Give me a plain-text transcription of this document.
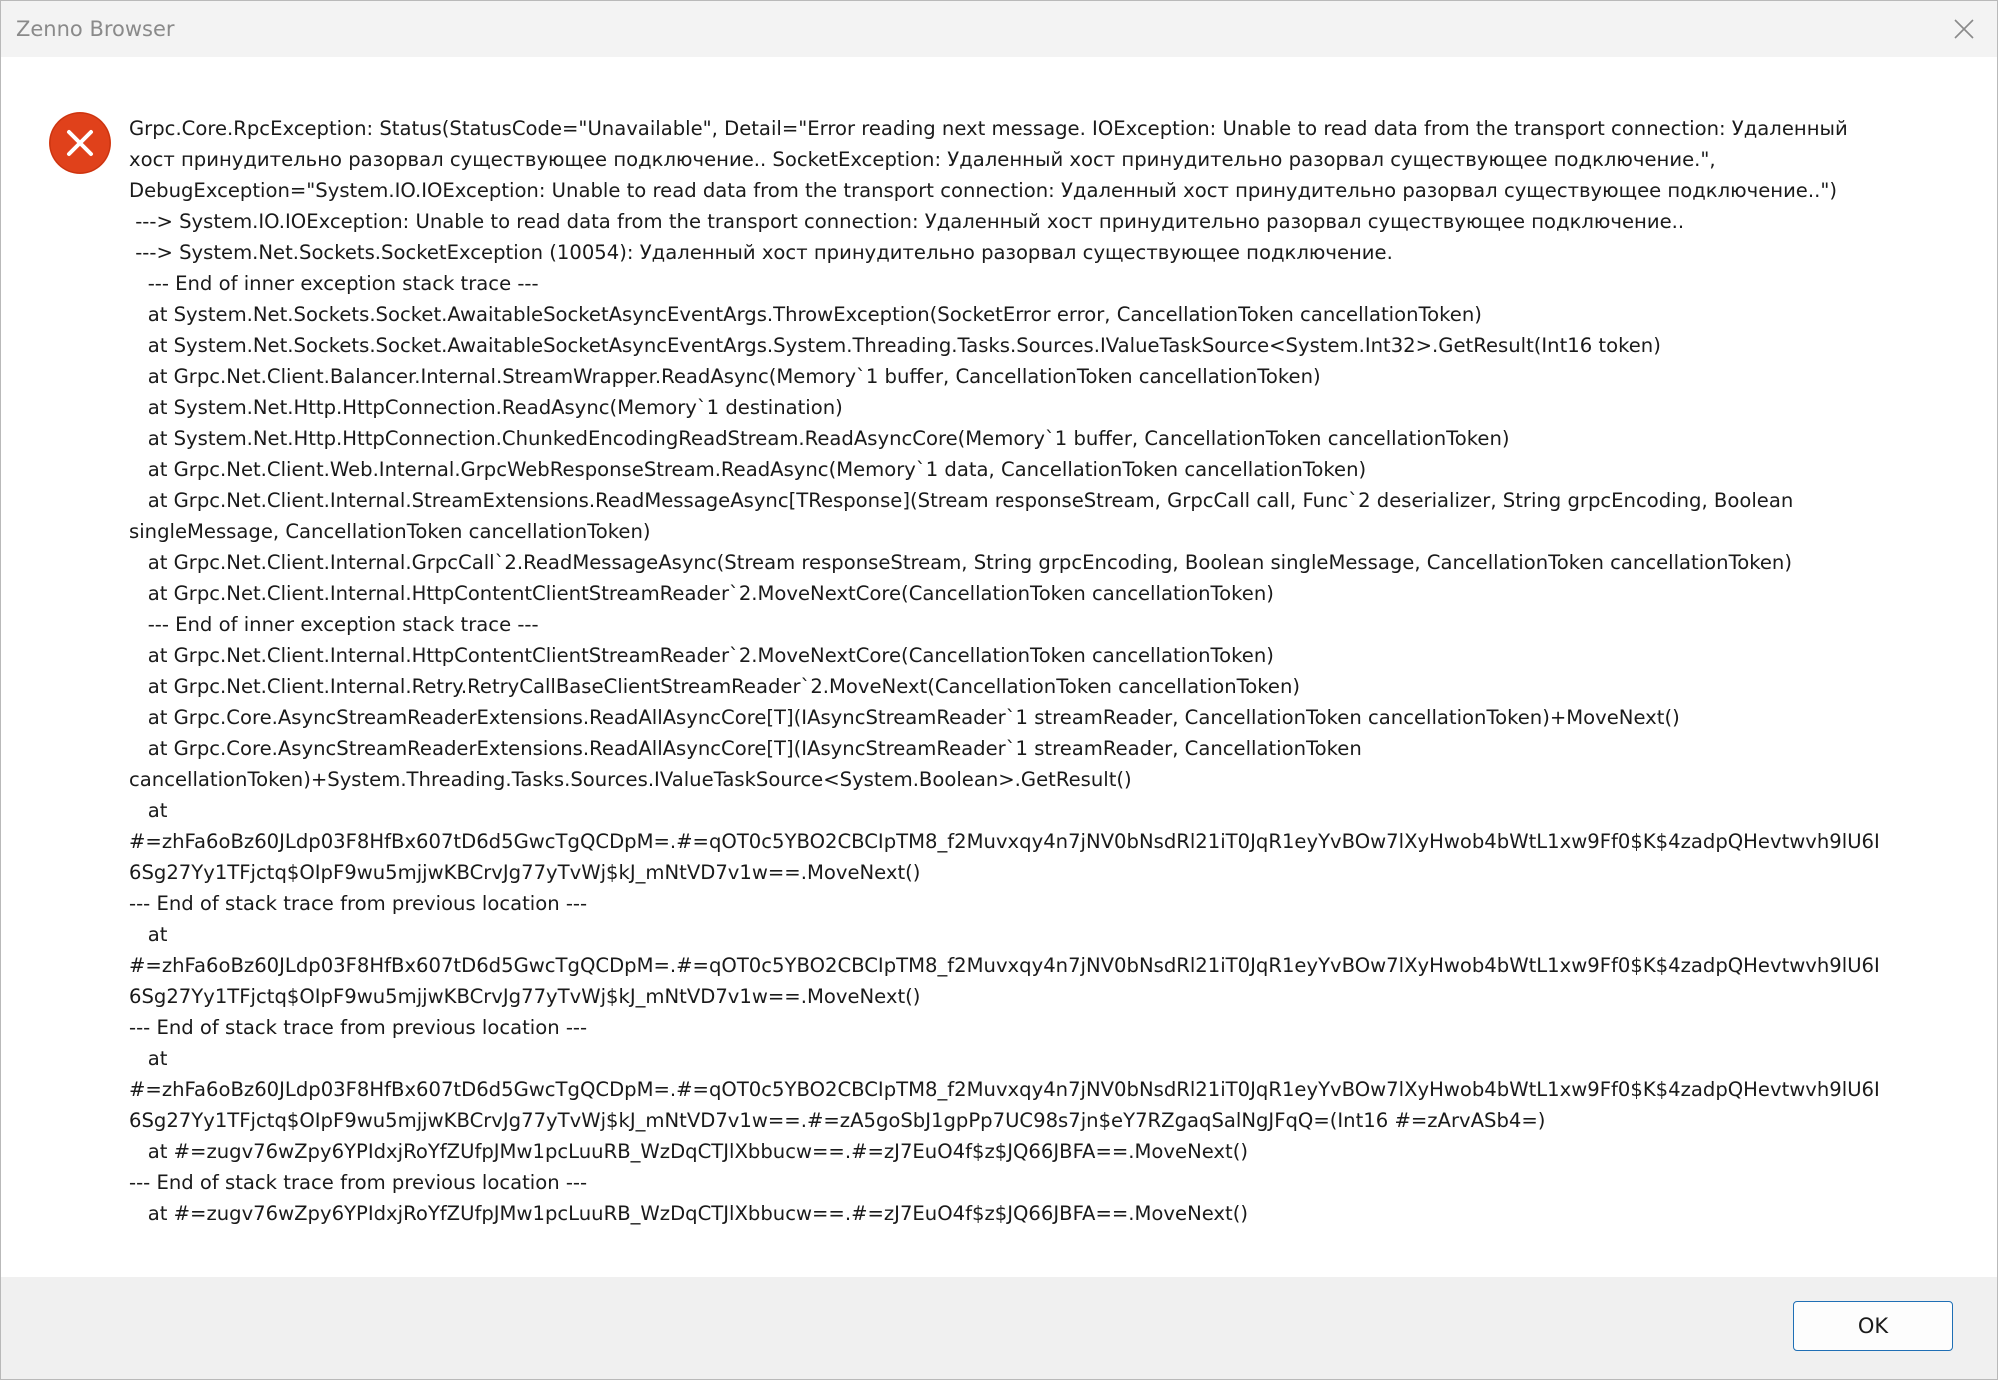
Zenno Browser
Grpc.Core.RpcException: Status(StatusCode="Unavailable", Detail="Error reading next message. IOException: Unable to read data from the transport connection: Удаленный
хост принудительно разорвал существующее подключение.. SocketException: Удаленный хост принудительно разорвал существующее подключение.",
DebugException="System.IO.IOException: Unable to read data from the transport connection: Удаленный хост принудительно разорвал существующее подключение..")
---> System.IO.IOException: Unable to read data from the transport connection: Удаленный хост принудительно разорвал существующее подключение..
---> System.Net.Sockets.SocketException (10054): Удаленный хост принудительно разорвал существующее подключение.
--- End of inner exception stack trace ---
at System.Net.Sockets.Socket.AwaitableSocketAsyncEventArgs.ThrowException(SocketError error, CancellationToken cancellationToken)
at System.Net.Sockets.Socket.AwaitableSocketAsyncEventArgs.System.Threading.Tasks.Sources.IValueTaskSource<System.Int32>.GetResult(Int16 token)
at Grpc.Net.Client.Balancer.Internal.StreamWrapper.ReadAsync(Memory`1 buffer, CancellationToken cancellationToken)
at System.Net.Http.HttpConnection.ReadAsync(Memory`1 destination)
at System.Net.Http.HttpConnection.ChunkedEncodingReadStream.ReadAsyncCore(Memory`1 buffer, CancellationToken cancellationToken)
at Grpc.Net.Client.Web.Internal.GrpcWebResponseStream.ReadAsync(Memory`1 data, CancellationToken cancellationToken)
at Grpc.Net.Client.Internal.StreamExtensions.ReadMessageAsync[TResponse](Stream responseStream, GrpcCall call, Func`2 deserializer, String grpcEncoding, Boolean
singleMessage, CancellationToken cancellationToken)
at Grpc.Net.Client.Internal.GrpcCall`2.ReadMessageAsync(Stream responseStream, String grpcEncoding, Boolean singleMessage, CancellationToken cancellationToken)
at Grpc.Net.Client.Internal.HttpContentClientStreamReader`2.MoveNextCore(CancellationToken cancellationToken)
--- End of inner exception stack trace ---
at Grpc.Net.Client.Internal.HttpContentClientStreamReader`2.MoveNextCore(CancellationToken cancellationToken)
at Grpc.Net.Client.Internal.Retry.RetryCallBaseClientStreamReader`2.MoveNext(CancellationToken cancellationToken)
at Grpc.Core.AsyncStreamReaderExtensions.ReadAllAsyncCore[T](IAsyncStreamReader`1 streamReader, CancellationToken cancellationToken)+MoveNext()
at Grpc.Core.AsyncStreamReaderExtensions.ReadAllAsyncCore[T](IAsyncStreamReader`1 streamReader, CancellationToken
cancellationToken)+System.Threading.Tasks.Sources.IValueTaskSource<System.Boolean>.GetResult()
at
#=zhFa6oBz60JLdp03F8HfBx607tD6d5GwcTgQCDpM=.#=qOT0c5YBO2CBCIpTM8_f2Muvxqy4n7jNV0bNsdRl21iT0JqR1eyYvBOw7lXyHwob4bWtL1xw9Ff0$K$4zadpQHevtwvh9lU6I
6Sg27Yy1TFjctq$OIpF9wu5mjjwKBCrvJg77yTvWj$kJ_mNtVD7v1w==.MoveNext()
--- End of stack trace from previous location ---
at
#=zhFa6oBz60JLdp03F8HfBx607tD6d5GwcTgQCDpM=.#=qOT0c5YBO2CBCIpTM8_f2Muvxqy4n7jNV0bNsdRl21iT0JqR1eyYvBOw7lXyHwob4bWtL1xw9Ff0$K$4zadpQHevtwvh9lU6I
6Sg27Yy1TFjctq$OIpF9wu5mjjwKBCrvJg77yTvWj$kJ_mNtVD7v1w==.MoveNext()
--- End of stack trace from previous location ---
at
#=zhFa6oBz60JLdp03F8HfBx607tD6d5GwcTgQCDpM=.#=qOT0c5YBO2CBCIpTM8_f2Muvxqy4n7jNV0bNsdRl21iT0JqR1eyYvBOw7lXyHwob4bWtL1xw9Ff0$K$4zadpQHevtwvh9lU6I
6Sg27Yy1TFjctq$OIpF9wu5mjjwKBCrvJg77yTvWj$kJ_mNtVD7v1w==.#=zA5goSbJ1gpPp7UC98s7jn$eY7RZgaqSalNgJFqQ=(Int16 #=zArvASb4=)
at #=zugv76wZpy6YPIdxjRoYfZUfpJMw1pcLuuRB_WzDqCTJlXbbucw==.#=zJ7EuO4f$z$JQ66JBFA==.MoveNext()
--- End of stack trace from previous location ---
at #=zugv76wZpy6YPIdxjRoYfZUfpJMw1pcLuuRB_WzDqCTJlXbbucw==.#=zJ7EuO4f$z$JQ66JBFA==.MoveNext()
OK
